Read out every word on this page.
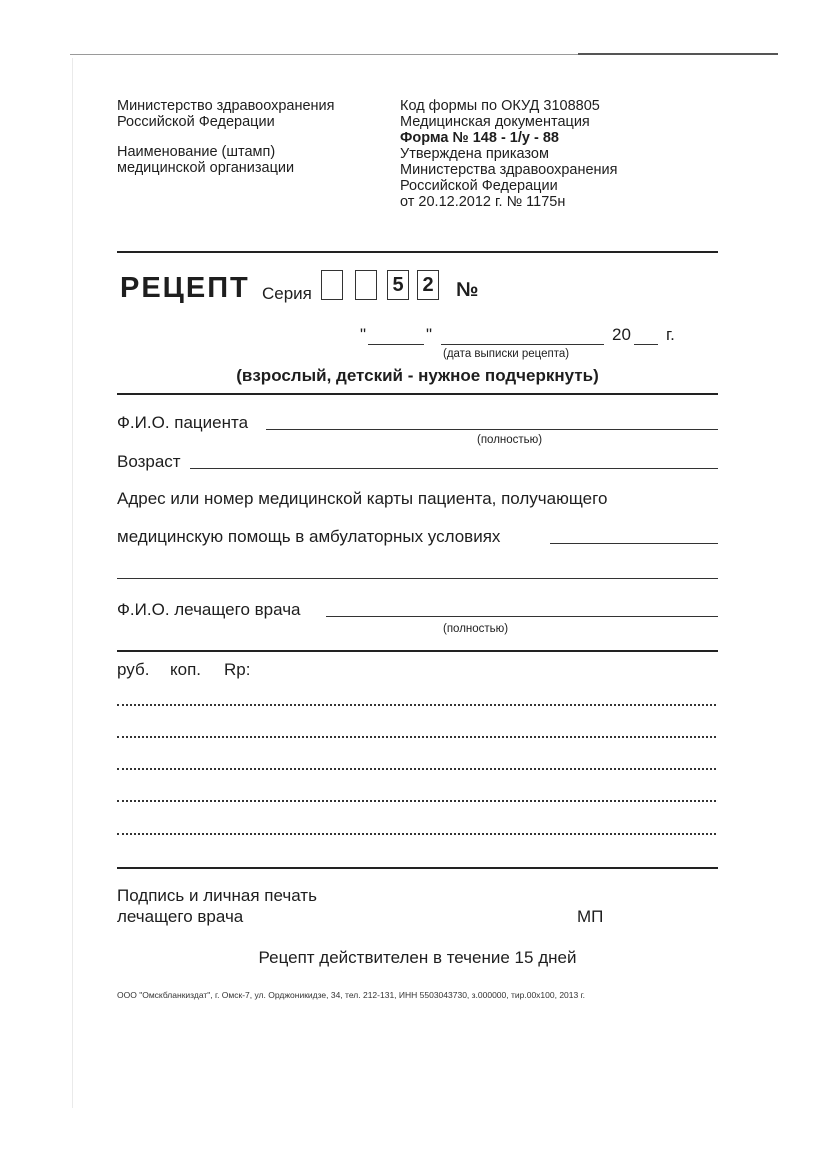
Министерство здравоохранения
Российской Федерации

Наименование (штамп)
медицинской организации

Код формы по ОКУД 3108805
Медицинская документация
Форма № 148 - 1/у - 88
Утверждена приказом
Министерства здравоохранения
Российской Федерации
от 20.12.2012 г. № 1175н
РЕЦЕПТ Серия	5 2 №
"	"	20 г.
(дата выписки рецепта)
(взрослый, детский - нужное подчеркнуть)
Ф.И.О. пациента
(полностью)
Возраст
Адрес или номер медицинской карты пациента, получающего
медицинскую помощь в амбулаторных условиях
Ф.И.О. лечащего врача
(полностью)
руб. коп. Rp:
Подпись и личная печать
лечащего врача	МП
Рецепт действителен в течение 15 дней
ООО "Омскбланкиздат", г. Омск-7, ул. Орджоникидзе, 34, тел. 212-131, ИНН 5503043730, з.000000, тир.00х100, 2013 г.
